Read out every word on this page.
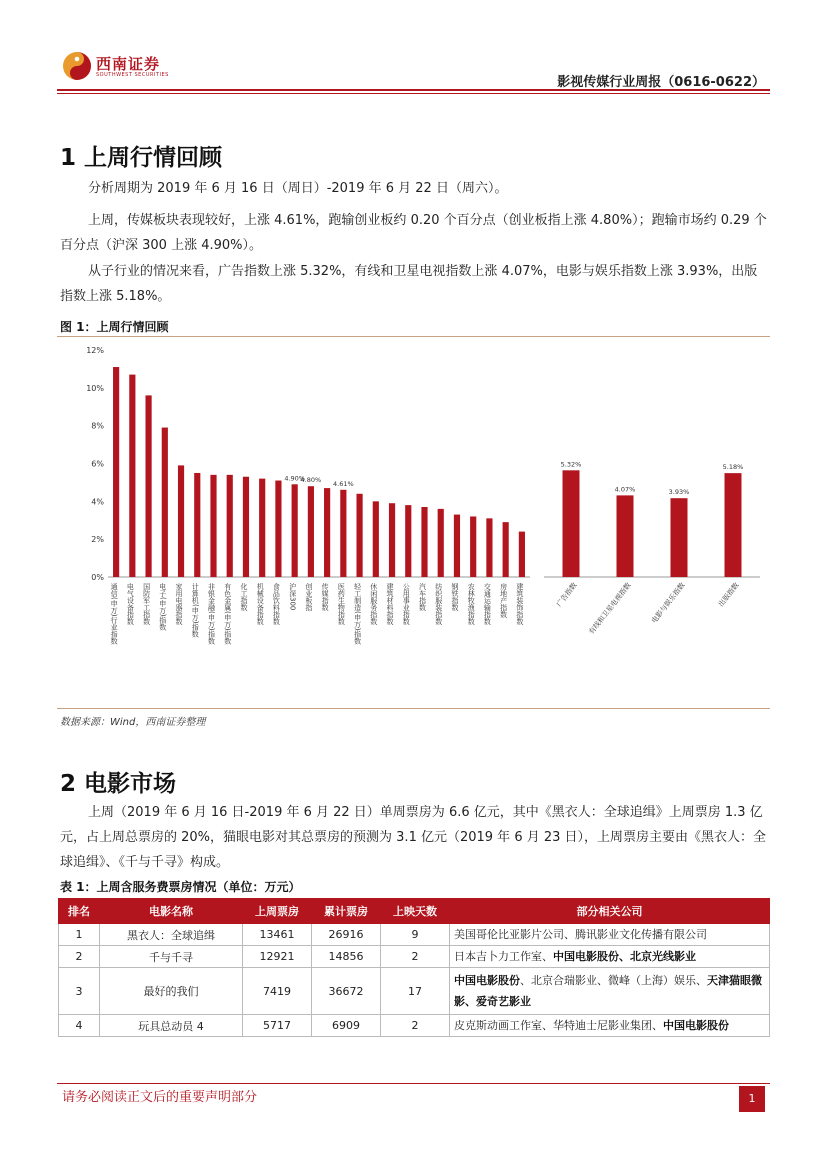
西南证券
SOUTHWEST SECURITIES	影视传媒行业周报（0616-0622）
1 上周行情回顾
分析周期为 2019 年 6 月 16 日（周日）-2019 年 6 月 22 日（周六）。
上周，传媒板块表现较好，上涨 4.61%，跑输创业板约 0.20 个百分点（创业板指上涨 4.80%）；跑输市场约 0.29 个百分点（沪深 300 上涨 4.90%）。
从子行业的情况来看，广告指数上涨 5.32%，有线和卫星电视指数上涨 4.07%，电影与娱乐指数上涨 3.93%，出版指数上涨 5.18%。
图 1：上周行情回顾
0%
2%
4%
6%
8%
10%
12%
通信(申万)行业指数 电气设备指数 国防军工指数 电子(申万)指数 家用电器指数 计算机(申万)指数 非银金融(申万)指数 有色金属(申万)指数 化工指数 机械设备指数 食品饮料指数 沪深300 创业板指 传媒指数 医药生物指数 轻工制造(申万)指数 休闲服务指数 建筑材料指数 公用事业指数 汽车指数 纺织服装指数 钢铁指数 农林牧渔指数 交通运输指数 房地产指数 建筑装饰指数
4.90%
4.80% 4.61%
5.32%
广告指数
4.07%
有线和卫星电视指数
3.93%
电影与娱乐指数
5.18%
出版指数
数据来源：Wind，西南证券整理
2 电影市场
上周（2019 年 6 月 16 日-2019 年 6 月 22 日）单周票房为 6.6 亿元，其中《黑衣人：全球追缉》上周票房 1.3 亿元，占上周总票房的 20%，猫眼电影对其总票房的预测为 3.1 亿元（2019 年 6 月 23 日），上周票房主要由《黑衣人：全球追缉》、《千与千寻》构成。
表 1：上周含服务费票房情况（单位：万元）
排名	电影名称	上周票房	累计票房	上映天数	部分相关公司
1	黑衣人：全球追缉	13461	26916	9	美国哥伦比亚影片公司、腾讯影业文化传播有限公司
2	千与千寻	12921	14856	2	日本吉卜力工作室、中国电影股份、北京光线影业
3	最好的我们	7419	36672	17	中国电影股份、北京合瑞影业、微峰（上海）娱乐、天津猫眼微影、爱奇艺影业
4	玩具总动员 4	5717	6909	2	皮克斯动画工作室、华特迪士尼影业集团、中国电影股份
请务必阅读正文后的重要声明部分	1
